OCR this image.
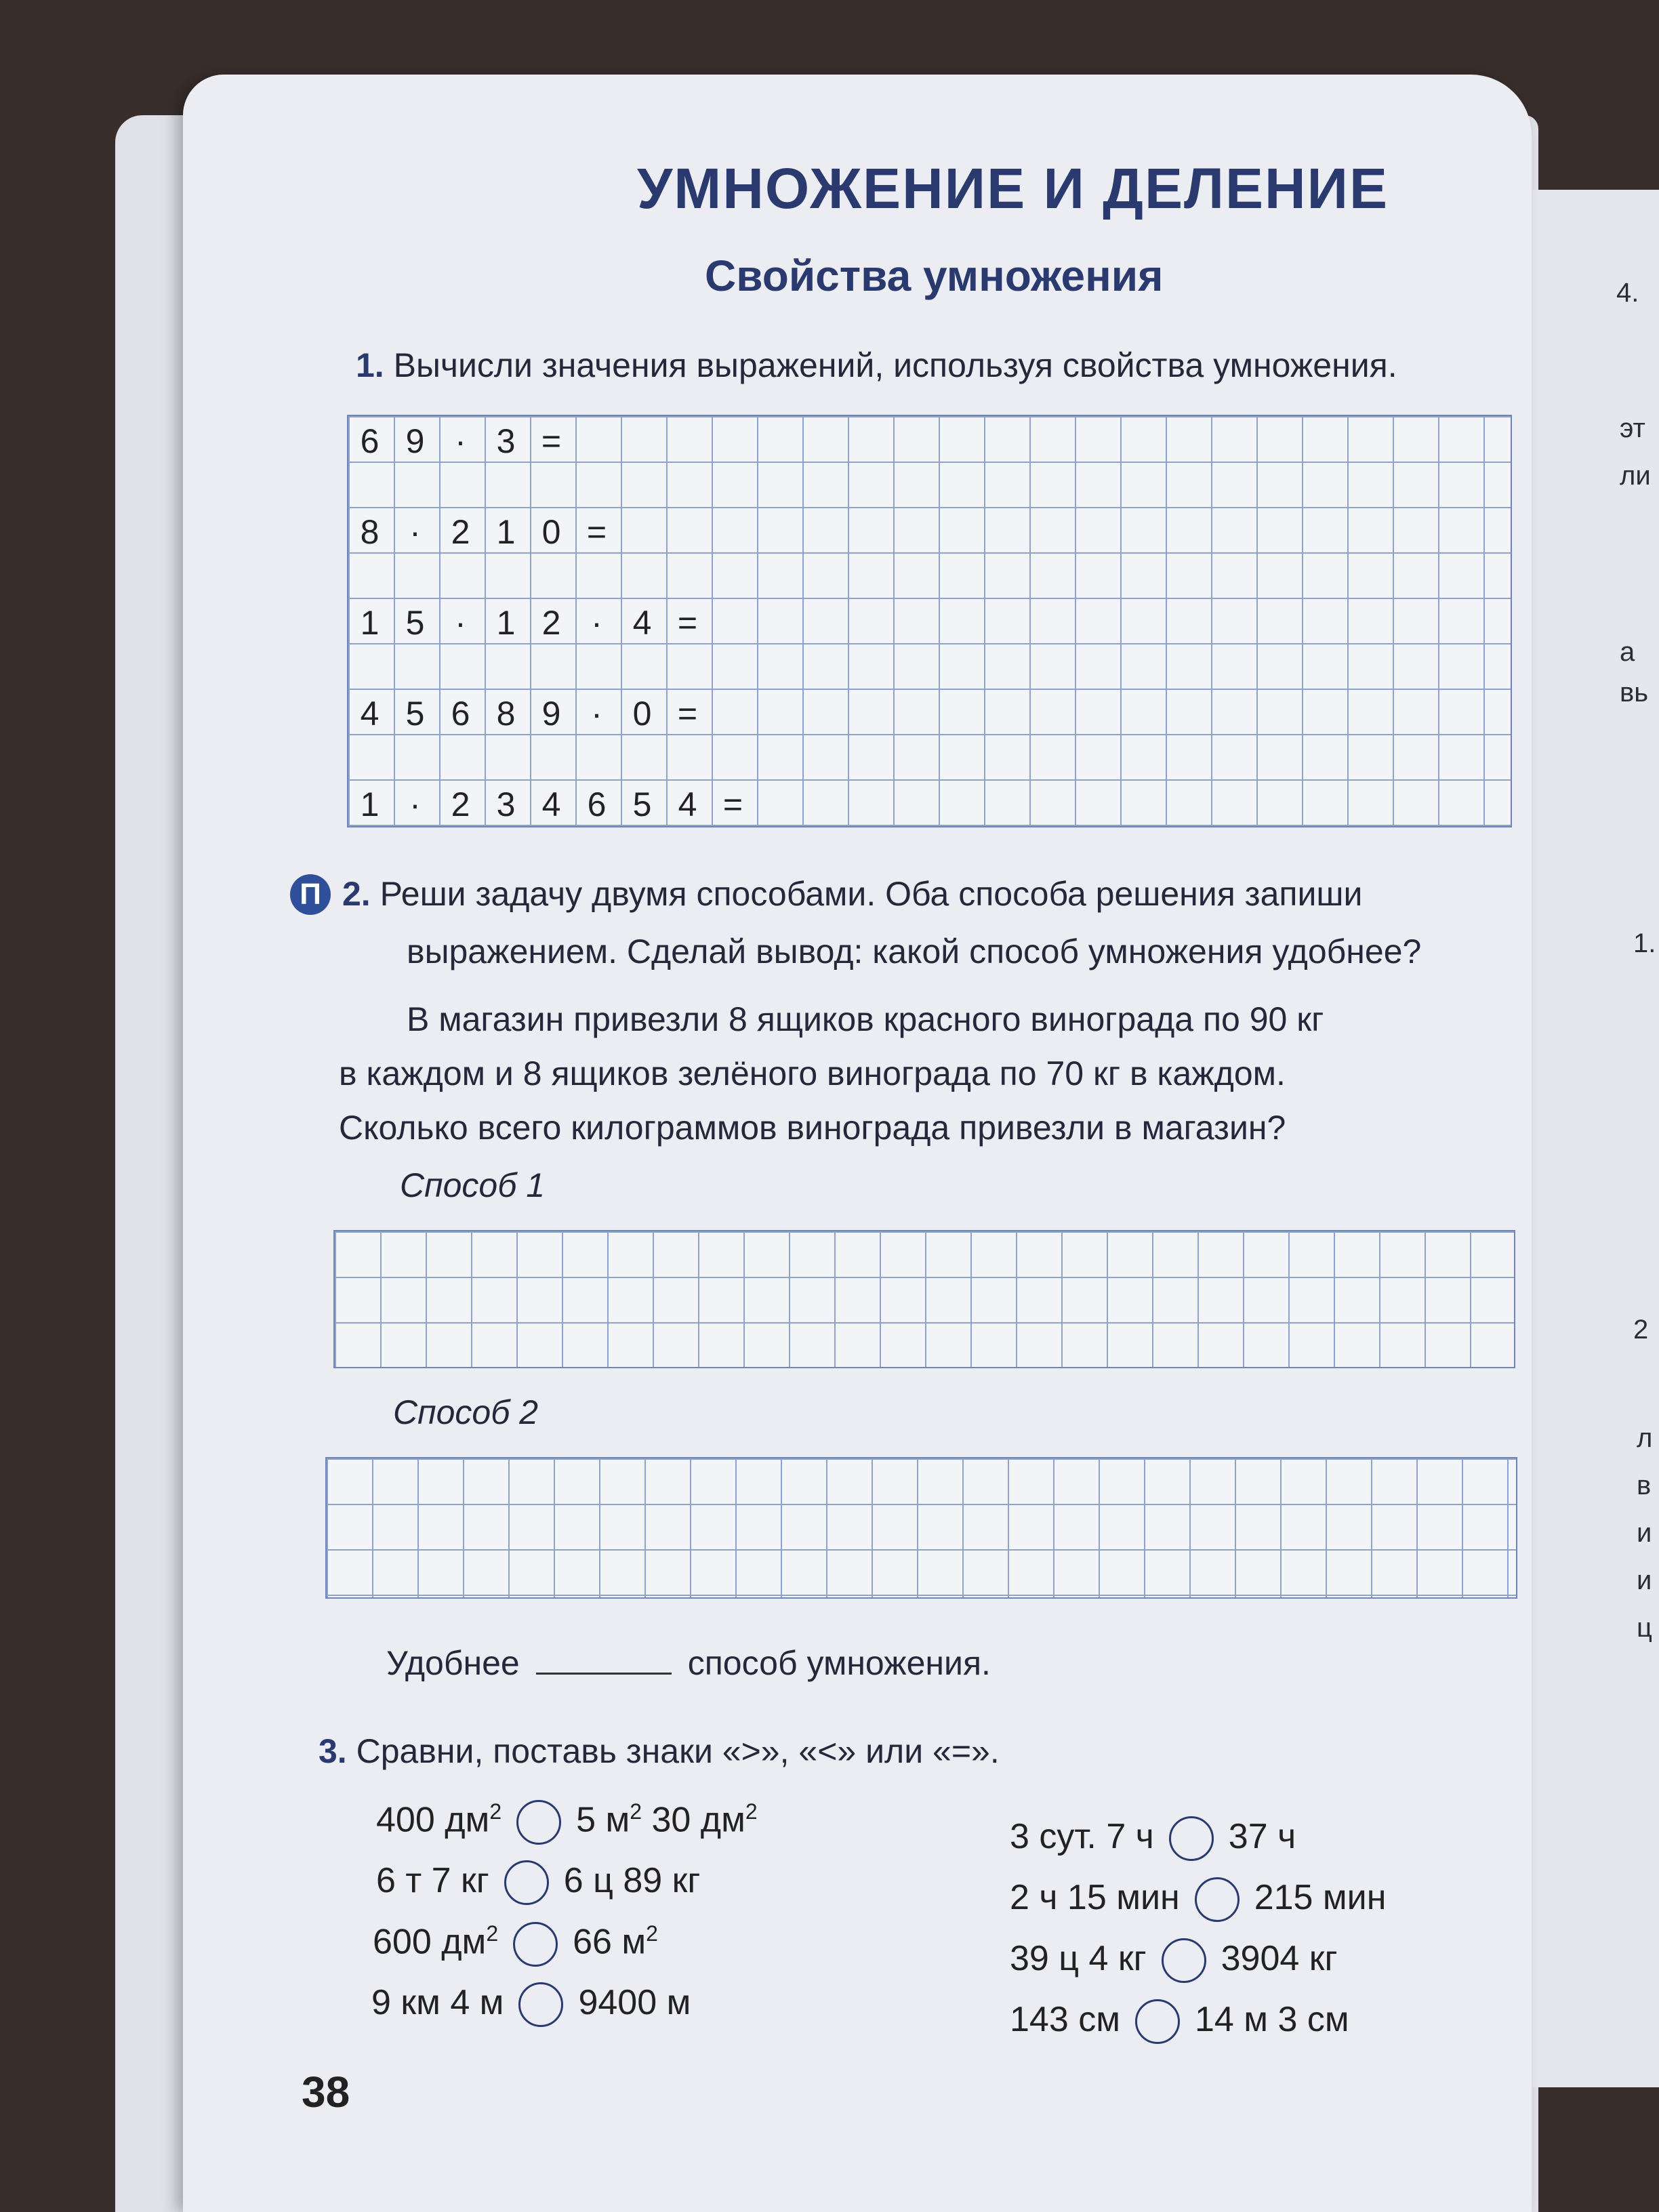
4.
эт
ли
а
вь
1.
2
л
в
и
и
ц
УМНОЖЕНИЕ И ДЕЛЕНИЕ
Свойства умножения
1. Вычисли значения выражений, используя свойства умножения.
6 9 · 3 =
8 · 2 1 0 =
1 5 · 1 2 · 4 =
4 5 6 8 9 · 0 =
1 · 2 3 4 6 5 4 =
П 2. Реши задачу двумя способами. Оба способа решения запиши
выражением. Сделай вывод: какой способ умножения удобнее?
В магазин привезли 8 ящиков красного винограда по 90 кг
в каждом и 8 ящиков зелёного винограда по 70 кг в каждом.
Сколько всего килограммов винограда привезли в магазин?
Способ 1
Способ 2
Удобнее	способ умножения.
3. Сравни, поставь знаки «>», «<» или «=».
400 $дм^2$ 5 $м^2$ 30 $дм^2$
6 т 7 кг 6 ц 89 кг
600 $дм^2$ 66 $м^2$
9 км 4 м 9400 м
3 сут. 7 ч 37 ч
2 ч 15 мин 215 мин
39 ц 4 кг 3904 кг
143 см 14 м 3 см
38
